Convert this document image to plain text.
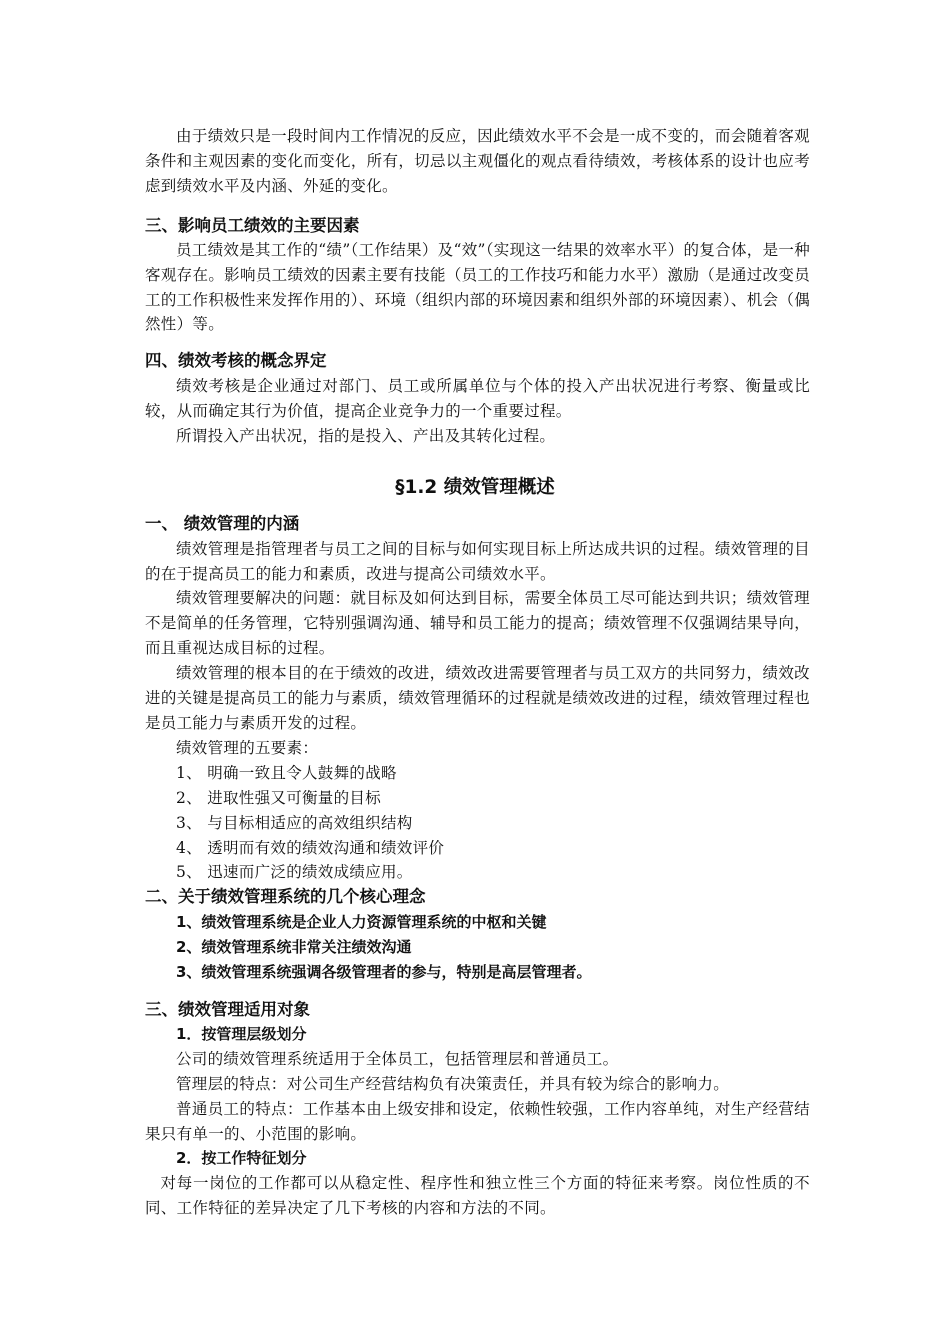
由于绩效只是一段时间内工作情况的反应，因此绩效水平不会是一成不变的，而会随着客观条件和主观因素的变化而变化，所有，切忌以主观僵化的观点看待绩效，考核体系的设计也应考虑到绩效水平及内涵、外延的变化。

三、影响员工绩效的主要因素

员工绩效是其工作的“绩”（工作结果）及“效”（实现这一结果的效率水平）的复合体，是一种客观存在。影响员工绩效的因素主要有技能（员工的工作技巧和能力水平）激励（是通过改变员工的工作积极性来发挥作用的）、环境（组织内部的环境因素和组织外部的环境因素）、机会（偶然性）等。

四、绩效考核的概念界定

绩效考核是企业通过对部门、员工或所属单位与个体的投入产出状况进行考察、衡量或比较，从而确定其行为价值，提高企业竞争力的一个重要过程。

所谓投入产出状况，指的是投入、产出及其转化过程。

§1.2 绩效管理概述
一、 绩效管理的内涵

绩效管理是指管理者与员工之间的目标与如何实现目标上所达成共识的过程。绩效管理的目的在于提高员工的能力和素质，改进与提高公司绩效水平。

绩效管理要解决的问题：就目标及如何达到目标，需要全体员工尽可能达到共识；绩效管理不是简单的任务管理，它特别强调沟通、辅导和员工能力的提高；绩效管理不仅强调结果导向，而且重视达成目标的过程。

绩效管理的根本目的在于绩效的改进，绩效改进需要管理者与员工双方的共同努力，绩效改进的关键是提高员工的能力与素质，绩效管理循环的过程就是绩效改进的过程，绩效管理过程也是员工能力与素质开发的过程。

绩效管理的五要素：

1、 明确一致且令人鼓舞的战略

2、 进取性强又可衡量的目标

3、 与目标相适应的高效组织结构

4、 透明而有效的绩效沟通和绩效评价

5、 迅速而广泛的绩效成绩应用。

二、关于绩效管理系统的几个核心理念

1、绩效管理系统是企业人力资源管理系统的中枢和关键

2、绩效管理系统非常关注绩效沟通

3、绩效管理系统强调各级管理者的参与，特别是高层管理者。

三、绩效管理适用对象

1．按管理层级划分

公司的绩效管理系统适用于全体员工，包括管理层和普通员工。

管理层的特点：对公司生产经营结构负有决策责任，并具有较为综合的影响力。

普通员工的特点：工作基本由上级安排和设定，依赖性较强，工作内容单纯，对生产经营结果只有单一的、小范围的影响。

2．按工作特征划分

对每一岗位的工作都可以从稳定性、程序性和独立性三个方面的特征来考察。岗位性质的不同、工作特征的差异决定了几下考核的内容和方法的不同。
